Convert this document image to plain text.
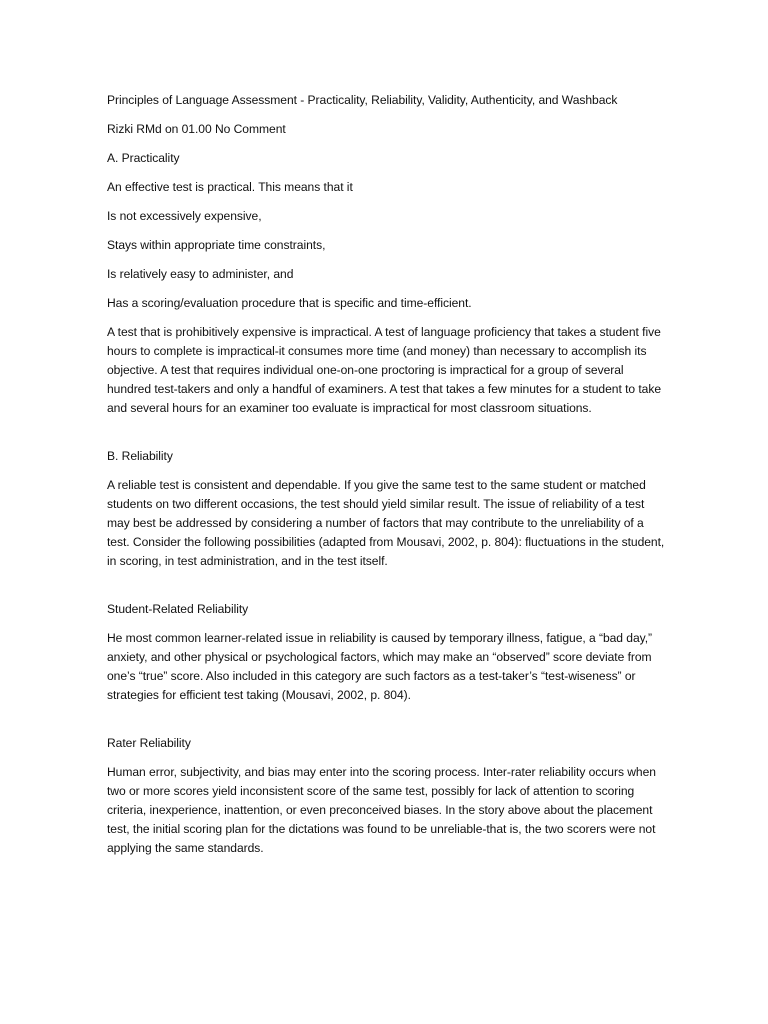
Principles of Language Assessment - Practicality, Reliability, Validity, Authenticity, and Washback

Rizki RMd on 01.00 No Comment

A. Practicality

An effective test is practical. This means that it

Is not excessively expensive,

Stays within appropriate time constraints,

Is relatively easy to administer, and

Has a scoring/evaluation procedure that is specific and time-efficient.

A test that is prohibitively expensive is impractical. A test of language proficiency that takes a student five hours to complete is impractical-it consumes more time (and money) than necessary to accomplish its objective. A test that requires individual one-on-one proctoring is impractical for a group of several hundred test-takers and only a handful of examiners. A test that takes a few minutes for a student to take and several hours for an examiner too evaluate is impractical for most classroom situations.

B. Reliability

A reliable test is consistent and dependable. If you give the same test to the same student or matched students on two different occasions, the test should yield similar result. The issue of reliability of a test may best be addressed by considering a number of factors that may contribute to the unreliability of a test. Consider the following possibilities (adapted from Mousavi, 2002, p. 804): fluctuations in the student, in scoring, in test administration, and in the test itself.

Student-Related Reliability

He most common learner-related issue in reliability is caused by temporary illness, fatigue, a “bad day,” anxiety, and other physical or psychological factors, which may make an “observed” score deviate from one’s “true” score. Also included in this category are such factors as a test-taker’s “test-wiseness” or strategies for efficient test taking (Mousavi, 2002, p. 804).

Rater Reliability

Human error, subjectivity, and bias may enter into the scoring process. Inter-rater reliability occurs when two or more scores yield inconsistent score of the same test, possibly for lack of attention to scoring criteria, inexperience, inattention, or even preconceived biases. In the story above about the placement test, the initial scoring plan for the dictations was found to be unreliable-that is, the two scorers were not applying the same standards.
